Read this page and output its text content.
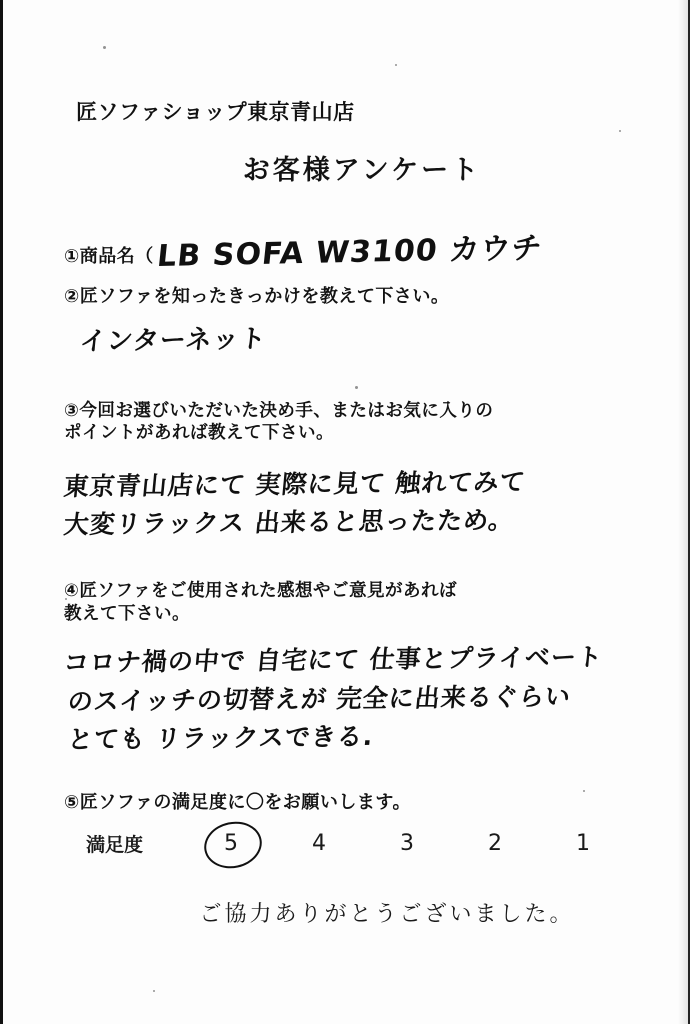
匠ソファショップ東京青山店
お客様アンケート
①商品名（ LB SOFA W3100 カウチ
②匠ソファを知ったきっかけを教えて下さい。
インターネット
③今回お選びいただいた決め手、またはお気に入りの
ポイントがあれば教えて下さい。
東京青山店にて 実際に見て 触れてみて
大変リラックス 出来ると思ったため。
④匠ソファをご使用された感想やご意見があれば
教えて下さい。
コロナ禍の中で 自宅にて 仕事とプライベート
のスイッチの切替えが 完全に出来るぐらい
とても リラックスできる.
⑤匠ソファの満足度に〇をお願いします。
満足度	5	4	3	2	1
ご協力ありがとうございました。
